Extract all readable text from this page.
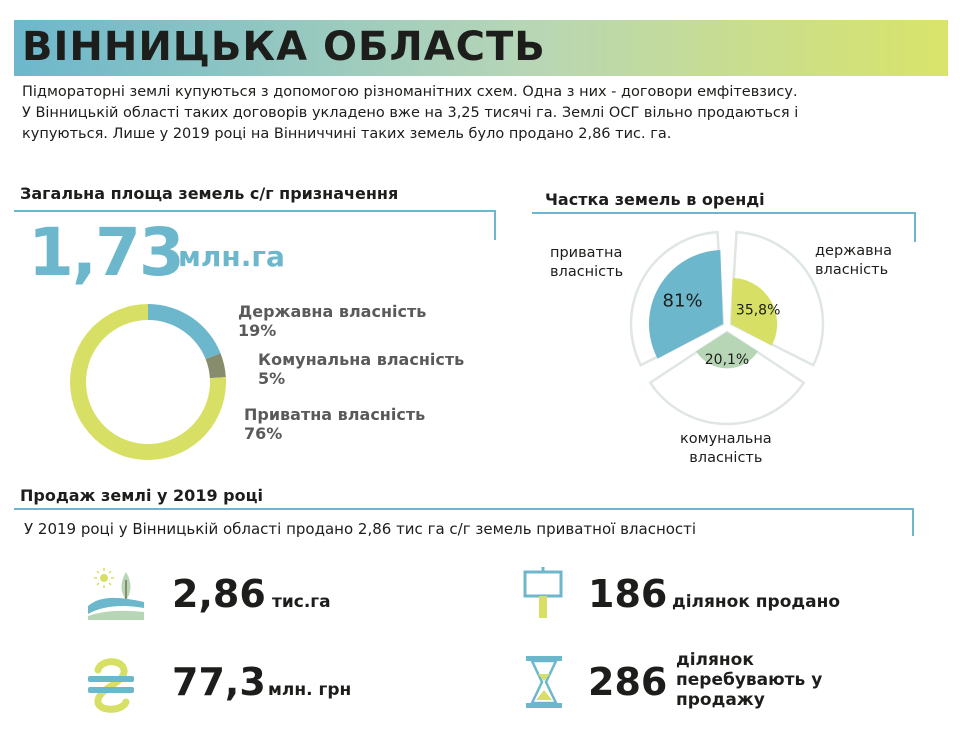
ВІННИЦЬКА ОБЛАСТЬ
Підмораторні землі купуються з допомогою різноманітних схем. Одна з них - договори емфітевзису.
У Вінницькій області таких договорів укладено вже на 3,25 тисячі га. Землі ОСГ вільно продаються і
купуються. Лише у 2019 році на Вінниччині таких земель було продано 2,86 тис. га.
Загальна площа земель с/г призначення
1,73
млн.га
Державна власність
19%
Комунальна власність
5%
Приватна власність
76%
Частка земель в оренді
приватна
власність
державна
власність
комунальна
власність
81% 35,8%
20,1%
Продаж землі у 2019 році
У 2019 році у Вінницькій області продано 2,86 тис га с/г земель приватної власності
2,86 тис.га
77,3 млн. грн
186 ділянок продано
286 ділянок
перебувають у
продажу
